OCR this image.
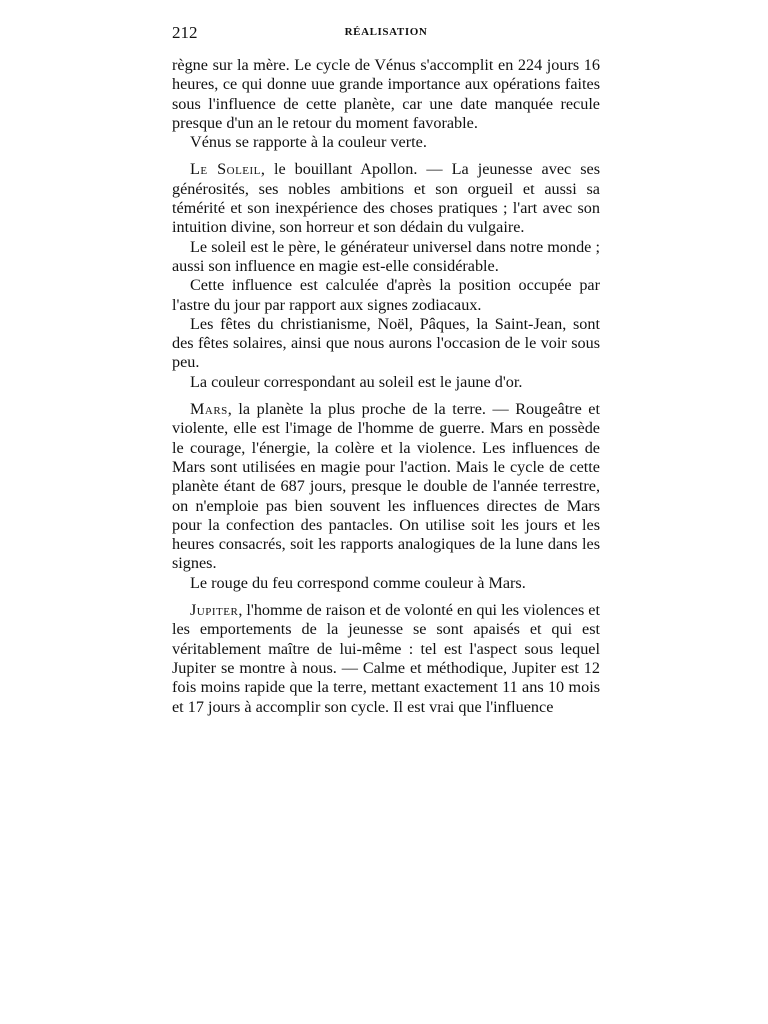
212	RÉALISATION

règne sur la mère. Le cycle de Vénus s'accomplit en 224 jours 16 heures, ce qui donne uue grande importance aux opérations faites sous l'influence de cette planète, car une date manquée recule presque d'un an le retour du moment favorable.

Vénus se rapporte à la couleur verte.

Le Soleil, le bouillant Apollon. — La jeunesse avec ses générosités, ses nobles ambitions et son orgueil et aussi sa témérité et son inexpérience des choses pratiques ; l'art avec son intuition divine, son horreur et son dédain du vulgaire.

Le soleil est le père, le générateur universel dans notre monde ; aussi son influence en magie est-elle considérable.

Cette influence est calculée d'après la position occupée par l'astre du jour par rapport aux signes zodiacaux.

Les fêtes du christianisme, Noël, Pâques, la Saint-Jean, sont des fêtes solaires, ainsi que nous aurons l'occasion de le voir sous peu.

La couleur correspondant au soleil est le jaune d'or.

Mars, la planète la plus proche de la terre. — Rougeâtre et violente, elle est l'image de l'homme de guerre. Mars en possède le courage, l'énergie, la colère et la violence. Les influences de Mars sont utilisées en magie pour l'action. Mais le cycle de cette planète étant de 687 jours, presque le double de l'année terrestre, on n'emploie pas bien souvent les influences directes de Mars pour la confection des pantacles. On utilise soit les jours et les heures consacrés, soit les rapports analogiques de la lune dans les signes.

Le rouge du feu correspond comme couleur à Mars.

Jupiter, l'homme de raison et de volonté en qui les violences et les emportements de la jeunesse se sont apaisés et qui est véritablement maître de lui-même : tel est l'aspect sous lequel Jupiter se montre à nous. — Calme et méthodique, Jupiter est 12 fois moins rapide que la terre, mettant exactement 11 ans 10 mois et 17 jours à accomplir son cycle. Il est vrai que l'influence
